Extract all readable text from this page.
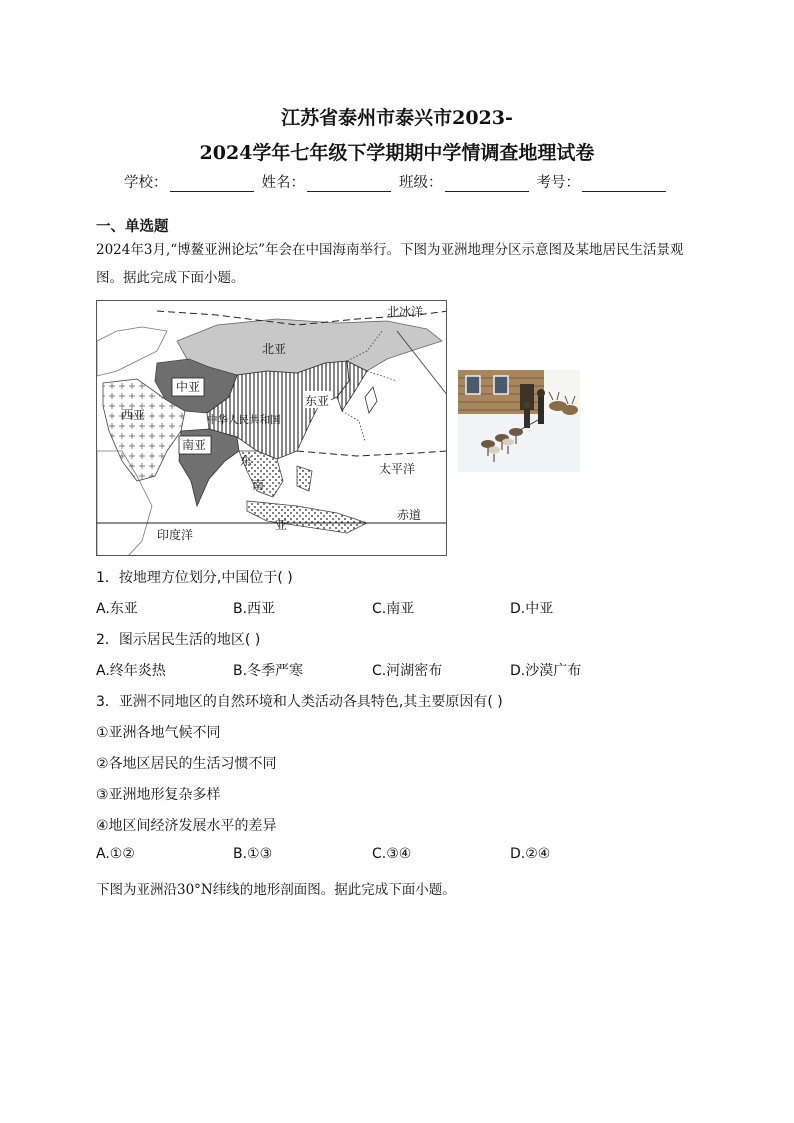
江苏省泰州市泰兴市2023-
2024学年七年级下学期期中学情调查地理试卷
学校：	姓名：	班级：	考号：
一、单选题
2024年3月,“博鳌亚洲论坛”年会在中国海南举行。下图为亚洲地理分区示意图及某地居民生活景观图。据此完成下面小题。
北冰洋
北亚
中亚
西亚
东亚
中华人民共和国
南亚
东
南
亚
太平洋
赤道
印度洋
1．按地理方位划分,中国位于( )
A.东亚	B.西亚	C.南亚	D.中亚
2．图示居民生活的地区( )
A.终年炎热	B.冬季严寒	C.河湖密布	D.沙漠广布
3．亚洲不同地区的自然环境和人类活动各具特色,其主要原因有( )
①亚洲各地气候不同
②各地区居民的生活习惯不同
③亚洲地形复杂多样
④地区间经济发展水平的差异
A.①②	B.①③	C.③④	D.②④
下图为亚洲沿30°N纬线的地形剖面图。据此完成下面小题。
